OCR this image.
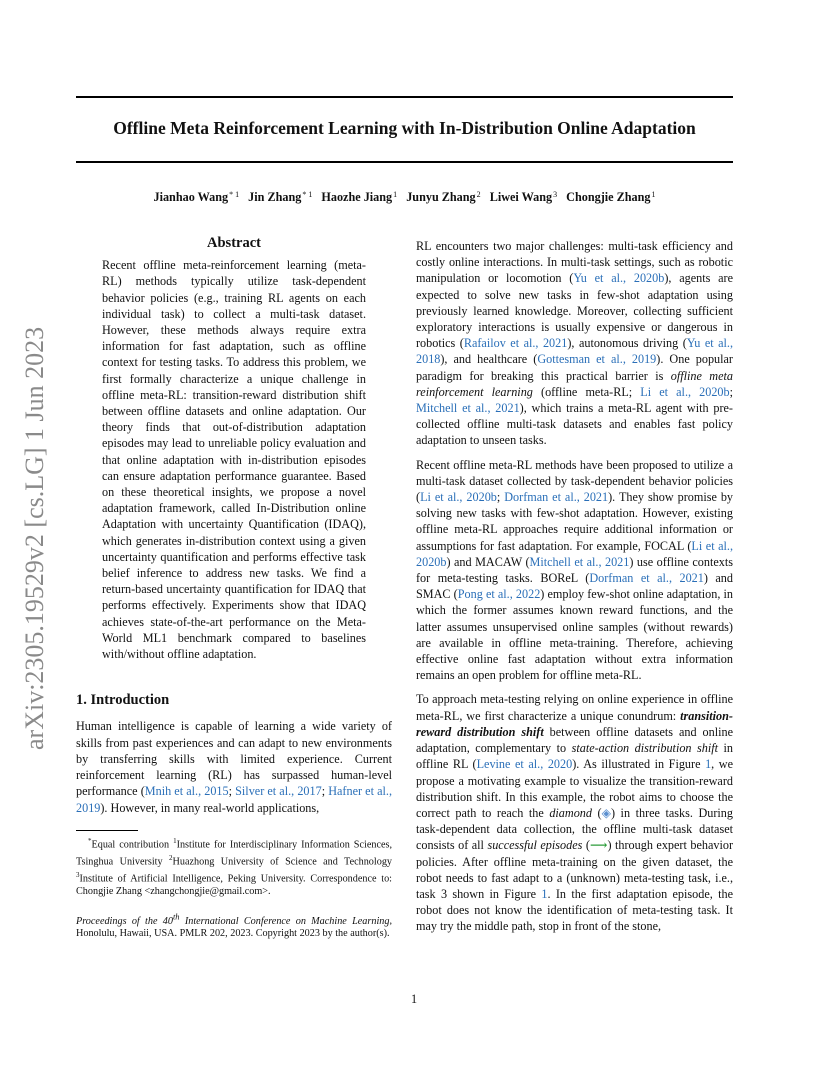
Offline Meta Reinforcement Learning with In-Distribution Online Adaptation
Jianhao Wang$^{* 1}$ Jin Zhang$^{* 1}$ Haozhe Jiang$^1$ Junyu Zhang$^2$ Liwei Wang$^3$ Chongjie Zhang$^1$
arXiv:2305.19529v2 [cs.LG] 1 Jun 2023
Abstract
Recent offline meta-reinforcement learning (meta-RL) methods typically utilize task-dependent behavior policies (e.g., training RL agents on each individual task) to collect a multi-task dataset. However, these methods always require extra information for fast adaptation, such as offline context for testing tasks. To address this problem, we first formally characterize a unique challenge in offline meta-RL: transition-reward distribution shift between offline datasets and online adaptation. Our theory finds that out-of-distribution adaptation episodes may lead to unreliable policy evaluation and that online adaptation with in-distribution episodes can ensure adaptation performance guarantee. Based on these theoretical insights, we propose a novel adaptation framework, called In-Distribution online Adaptation with uncertainty Quantification (IDAQ), which generates in-distribution context using a given uncertainty quantification and performs effective task belief inference to address new tasks. We find a return-based uncertainty quantification for IDAQ that performs effectively. Experiments show that IDAQ achieves state-of-the-art performance on the Meta-World ML1 benchmark compared to baselines with/without offline adaptation.
1. Introduction

Human intelligence is capable of learning a wide variety of skills from past experiences and can adapt to new environments by transferring skills with limited experience. Current reinforcement learning (RL) has surpassed human-level performance (Mnih et al., 2015; Silver et al., 2017; Hafner et al., 2019). However, in many real-world applications,

*Equal contribution $^1$Institute for Interdisciplinary Information Sciences, Tsinghua University $^2$Huazhong University of Science and Technology $^3$Institute of Artificial Intelligence, Peking University. Correspondence to: Chongjie Zhang <zhangchongjie@gmail.com>.
Proceedings of the 40th International Conference on Machine Learning, Honolulu, Hawaii, USA. PMLR 202, 2023. Copyright 2023 by the author(s).

RL encounters two major challenges: multi-task efficiency and costly online interactions. In multi-task settings, such as robotic manipulation or locomotion (Yu et al., 2020b), agents are expected to solve new tasks in few-shot adaptation using previously learned knowledge. Moreover, collecting sufficient exploratory interactions is usually expensive or dangerous in robotics (Rafailov et al., 2021), autonomous driving (Yu et al., 2018), and healthcare (Gottesman et al., 2019). One popular paradigm for breaking this practical barrier is offline meta reinforcement learning (offline meta-RL; Li et al., 2020b; Mitchell et al., 2021), which trains a meta-RL agent with pre-collected offline multi-task datasets and enables fast policy adaptation to unseen tasks.

Recent offline meta-RL methods have been proposed to utilize a multi-task dataset collected by task-dependent behavior policies (Li et al., 2020b; Dorfman et al., 2021). They show promise by solving new tasks with few-shot adaptation. However, existing offline meta-RL approaches require additional information or assumptions for fast adaptation. For example, FOCAL (Li et al., 2020b) and MACAW (Mitchell et al., 2021) use offline contexts for meta-testing tasks. BOReL (Dorfman et al., 2021) and SMAC (Pong et al., 2022) employ few-shot online adaptation, in which the former assumes known reward functions, and the latter assumes unsupervised online samples (without rewards) are available in offline meta-training. Therefore, achieving effective online fast adaptation without extra information remains an open problem for offline meta-RL.

To approach meta-testing relying on online experience in offline meta-RL, we first characterize a unique conundrum: transition-reward distribution shift between offline datasets and online adaptation, complementary to state-action distribution shift in offline RL (Levine et al., 2020). As illustrated in Figure 1, we propose a motivating example to visualize the transition-reward distribution shift. In this example, the robot aims to choose the correct path to reach the diamond (◈) in three tasks. During task-dependent data collection, the offline multi-task dataset consists of all successful episodes (⟶) through expert behavior policies. After offline meta-training on the given dataset, the robot needs to fast adapt to a (unknown) meta-testing task, i.e., task 3 shown in Figure 1. In the first adaptation episode, the robot does not know the identification of meta-testing task. It may try the middle path, stop in front of the stone,

1
